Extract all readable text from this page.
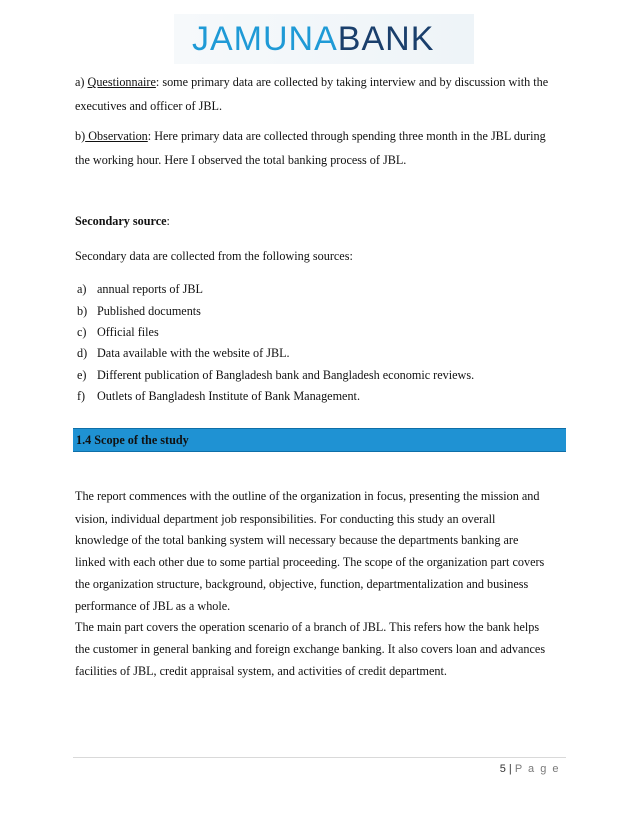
JAMUNABANK
a) Questionnaire: some primary data are collected by taking interview and by discussion with the
executives and officer of JBL.
b) Observation: Here primary data are collected through spending three month in the JBL during
the working hour. Here I observed the total banking process of JBL.
Secondary source:
Secondary data are collected from the following sources:
a) annual reports of JBL
b) Published documents
c) Official files
d) Data available with the website of JBL.
e) Different publication of Bangladesh bank and Bangladesh economic reviews.
f) Outlets of Bangladesh Institute of Bank Management.
1.4 Scope of the study
The report commences with the outline of the organization in focus, presenting the mission and
vision, individual department job responsibilities. For conducting this study an overall
knowledge of the total banking system will necessary because the departments banking are
linked with each other due to some partial proceeding. The scope of the organization part covers
the organization structure, background, objective, function, departmentalization and business
performance of JBL as a whole.
The main part covers the operation scenario of a branch of JBL. This refers how the bank helps
the customer in general banking and foreign exchange banking. It also covers loan and advances
facilities of JBL, credit appraisal system, and activities of credit department.
5 | P a g e
